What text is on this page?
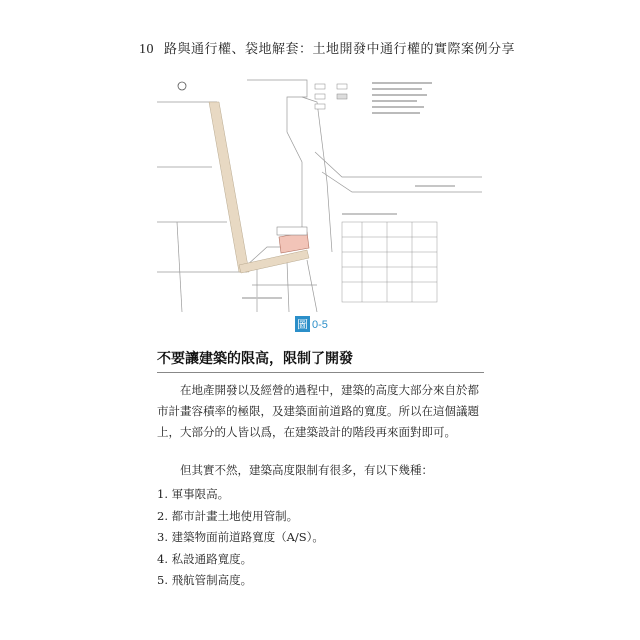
10 路與通行權、袋地解套：土地開發中通行權的實際案例分享
圖 0-5
不要讓建築的限高，限制了開發

在地產開發以及經營的過程中，建築的高度大部分來自於都市計畫容積率的極限，及建築面前道路的寬度。所以在這個議題上，大部分的人皆以爲，在建築設計的階段再來面對即可。

但其實不然，建築高度限制有很多，有以下幾種：

1. 軍事限高。
2. 都市計畫土地使用管制。
3. 建築物面前道路寬度（A/S）。
4. 私設通路寬度。
5. 飛航管制高度。
